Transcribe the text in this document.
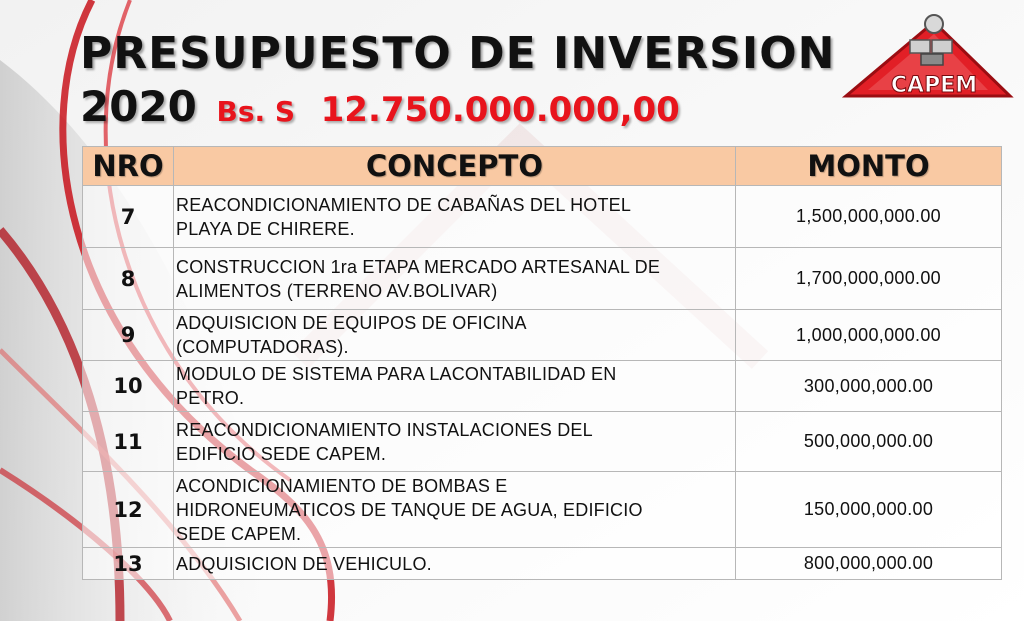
PRESUPUESTO DE INVERSION
2020 Bs. S 12.750.000.000,00
CAPEM
NRO	CONCEPTO	MONTO
7	REACONDICIONAMIENTO DE CABAÑAS DEL HOTEL
PLAYA DE CHIRERE.	1,500,000,000.00
8	CONSTRUCCION 1ra ETAPA MERCADO ARTESANAL DE
ALIMENTOS (TERRENO AV.BOLIVAR)	1,700,000,000.00
9	ADQUISICION DE EQUIPOS DE OFICINA
(COMPUTADORAS).	1,000,000,000.00
10	MODULO DE SISTEMA PARA LACONTABILIDAD EN
PETRO.	300,000,000.00
11	REACONDICIONAMIENTO INSTALACIONES DEL
EDIFICIO SEDE CAPEM.	500,000,000.00
12	ACONDICIONAMIENTO DE BOMBAS E
HIDRONEUMATICOS DE TANQUE DE AGUA, EDIFICIO
SEDE CAPEM.	150,000,000.00
13	ADQUISICION DE VEHICULO.	800,000,000.00
